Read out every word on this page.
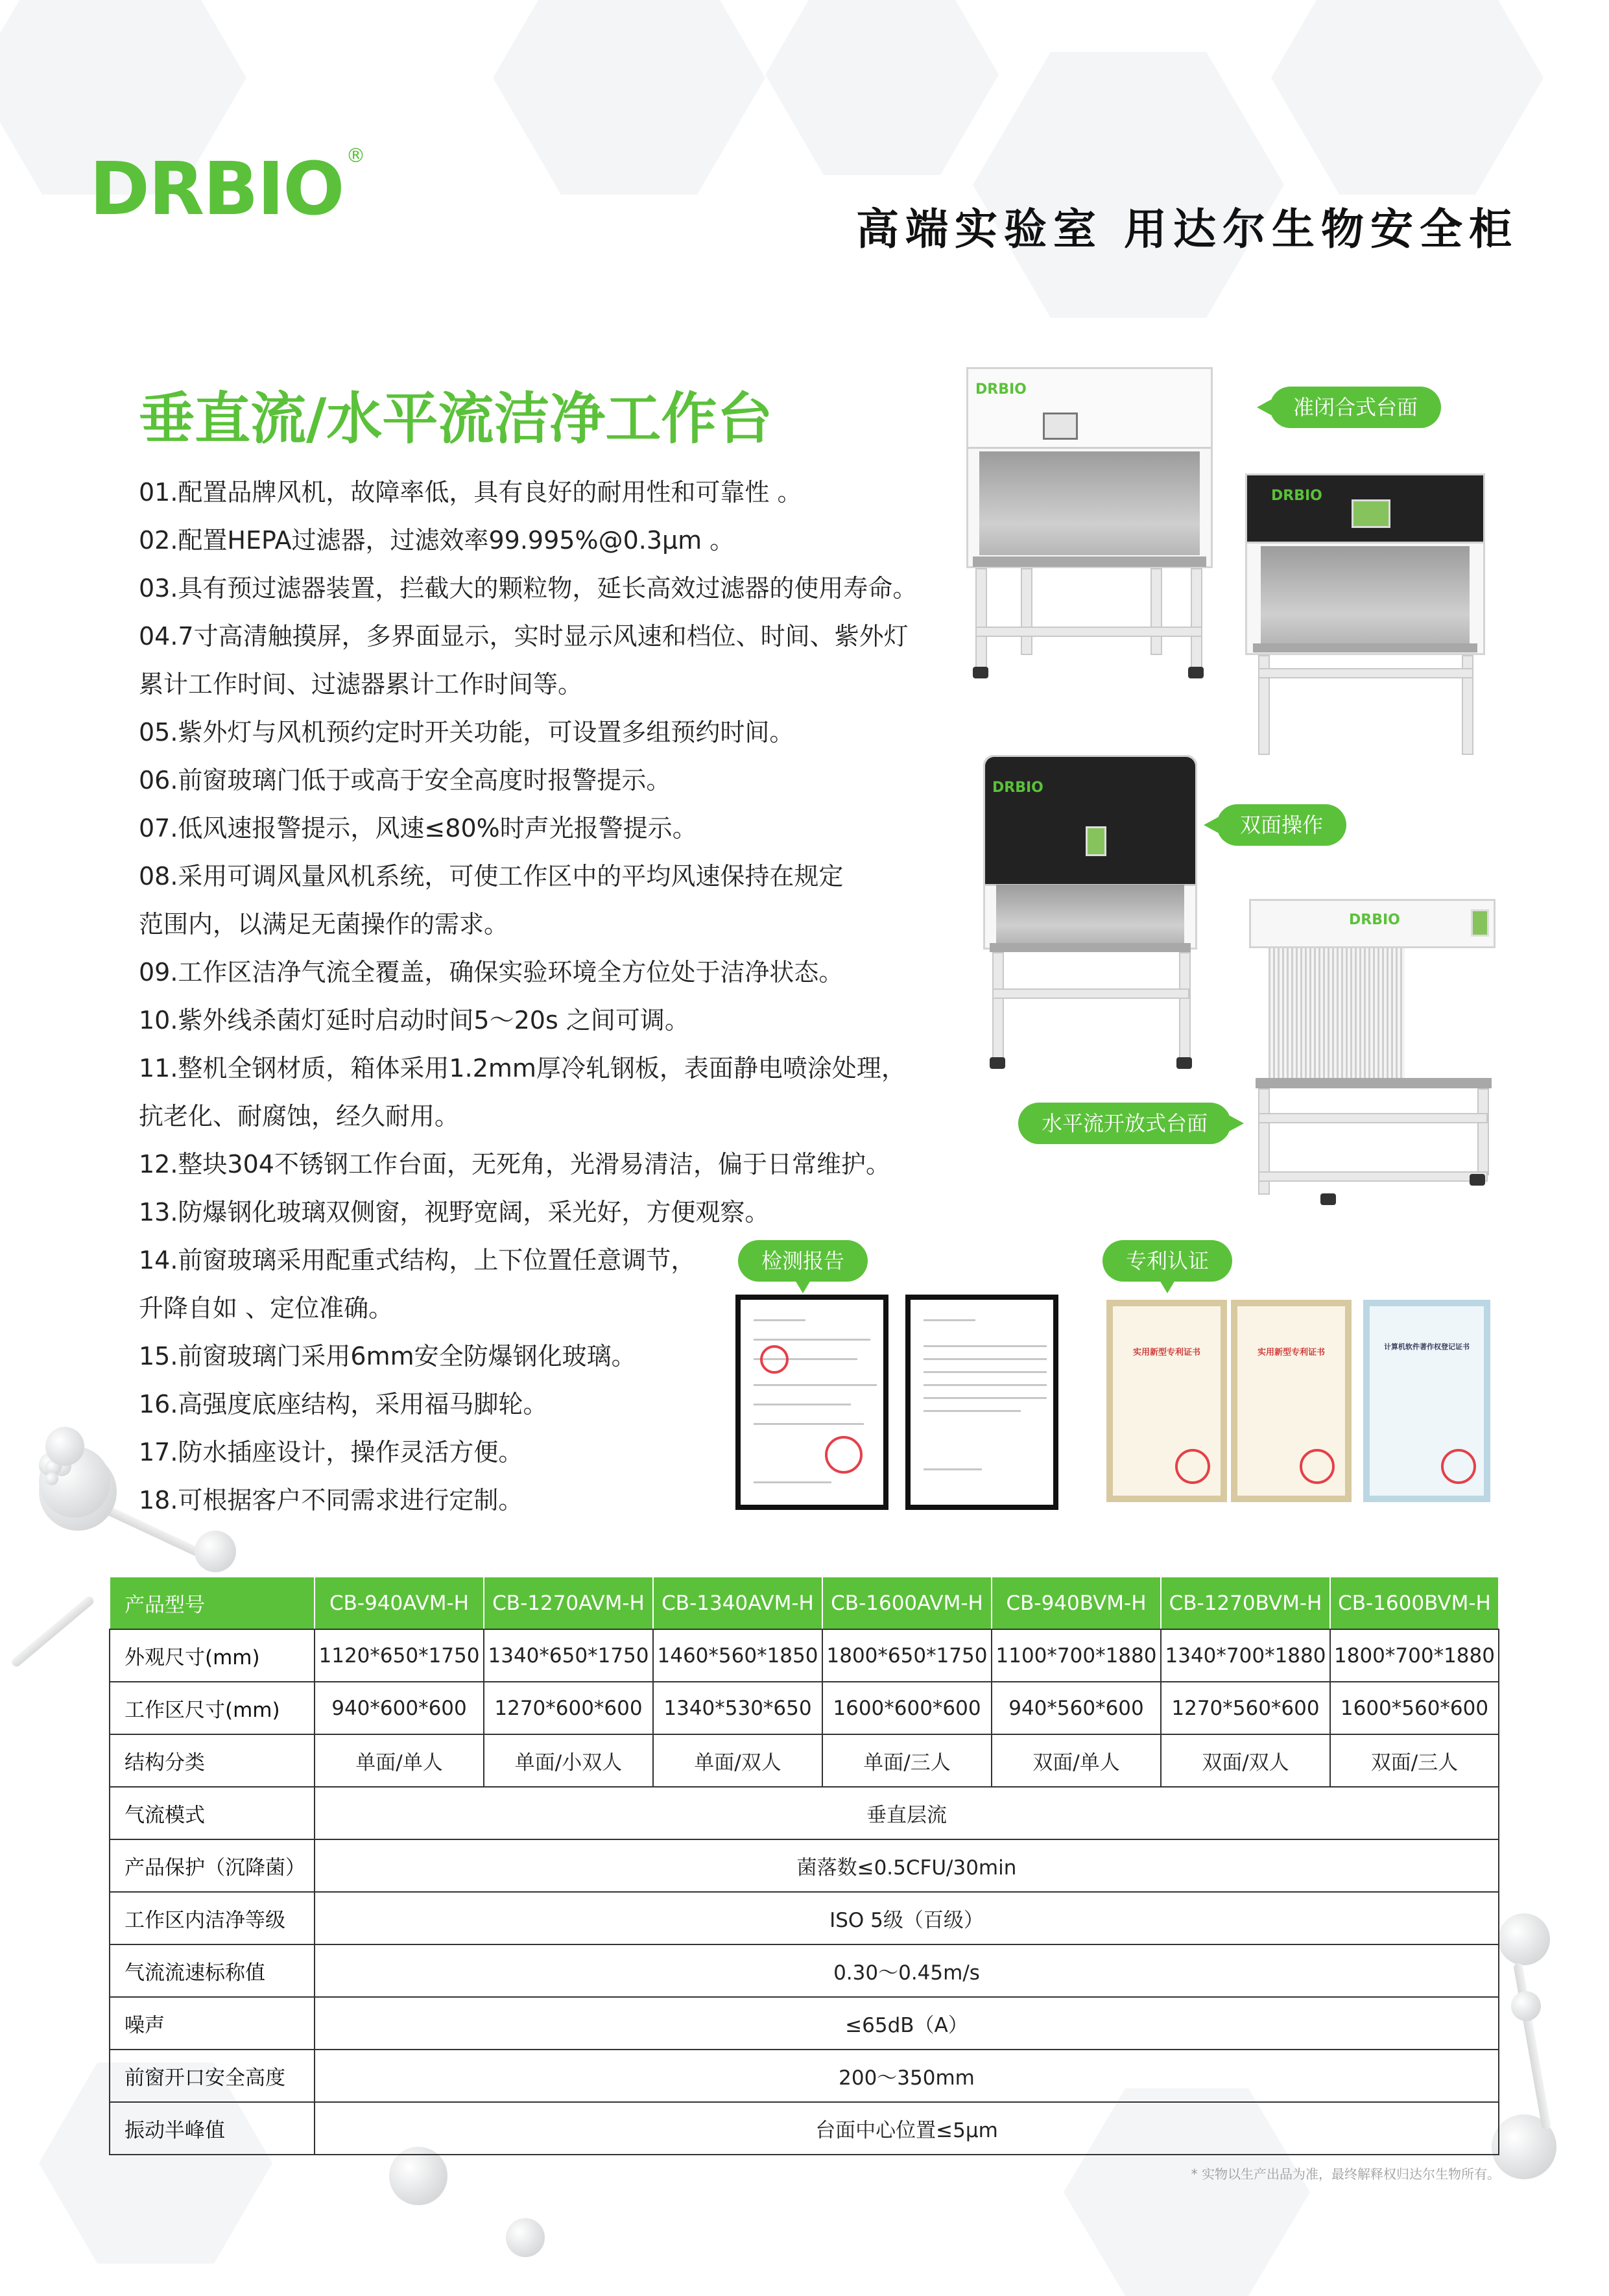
DRBIO ®
高端实验室 用达尔生物安全柜
垂直流/水平流洁净工作台
01.配置品牌风机，故障率低，具有良好的耐用性和可靠性 。
02.配置HEPA过滤器，过滤效率99.995%@0.3μm 。
03.具有预过滤器装置，拦截大的颗粒物，延长高效过滤器的使用寿命。
04.7寸高清触摸屏，多界面显示，实时显示风速和档位、时间、紫外灯
累计工作时间、过滤器累计工作时间等。
05.紫外灯与风机预约定时开关功能，可设置多组预约时间。
06.前窗玻璃门低于或高于安全高度时报警提示。
07.低风速报警提示，风速≤80%时声光报警提示。
08.采用可调风量风机系统，可使工作区中的平均风速保持在规定
范围内，以满足无菌操作的需求。
09.工作区洁净气流全覆盖，确保实验环境全方位处于洁净状态。
10.紫外线杀菌灯延时启动时间5～20s 之间可调。
11.整机全钢材质，箱体采用1.2mm厚冷轧钢板，表面静电喷涂处理，
抗老化、耐腐蚀，经久耐用。
12.整块304不锈钢工作台面，无死角，光滑易清洁，偏于日常维护。
13.防爆钢化玻璃双侧窗，视野宽阔，采光好，方便观察。
14.前窗玻璃采用配重式结构，上下位置任意调节，
升降自如 、定位准确。
15.前窗玻璃门采用6mm安全防爆钢化玻璃。
16.高强度底座结构，采用福马脚轮。
17.防水插座设计，操作灵活方便。
18.可根据客户不同需求进行定制。
DRBIO
准闭合式台面
DRBIO
DRBIO
双面操作
DRBIO
水平流开放式台面
检测报告	专利认证
实用新型专利证书	实用新型专利证书
计算机软件著作权登记证书
产品型号	CB-940AVM-H	CB-1270AVM-H	CB-1340AVM-H	CB-1600AVM-H	CB-940BVM-H	CB-1270BVM-H	CB-1600BVM-H
外观尺寸(mm)	1120*650*1750	1340*650*1750	1460*560*1850	1800*650*1750	1100*700*1880	1340*700*1880	1800*700*1880
工作区尺寸(mm)	940*600*600	1270*600*600	1340*530*650	1600*600*600	940*560*600	1270*560*600	1600*560*600
结构分类	单面/单人	单面/小双人	单面/双人	单面/三人	双面/单人	双面/双人	双面/三人
气流模式	垂直层流						
产品保护（沉降菌）	菌落数≤0.5CFU/30min						
工作区内洁净等级	ISO 5级（百级）						
气流流速标称值	0.30～0.45m/s						
噪声	≤65dB（A）						
前窗开口安全高度	200～350mm						
振动半峰值	台面中心位置≤5μm						
* 实物以生产出品为准，最终解释权归达尔生物所有。
